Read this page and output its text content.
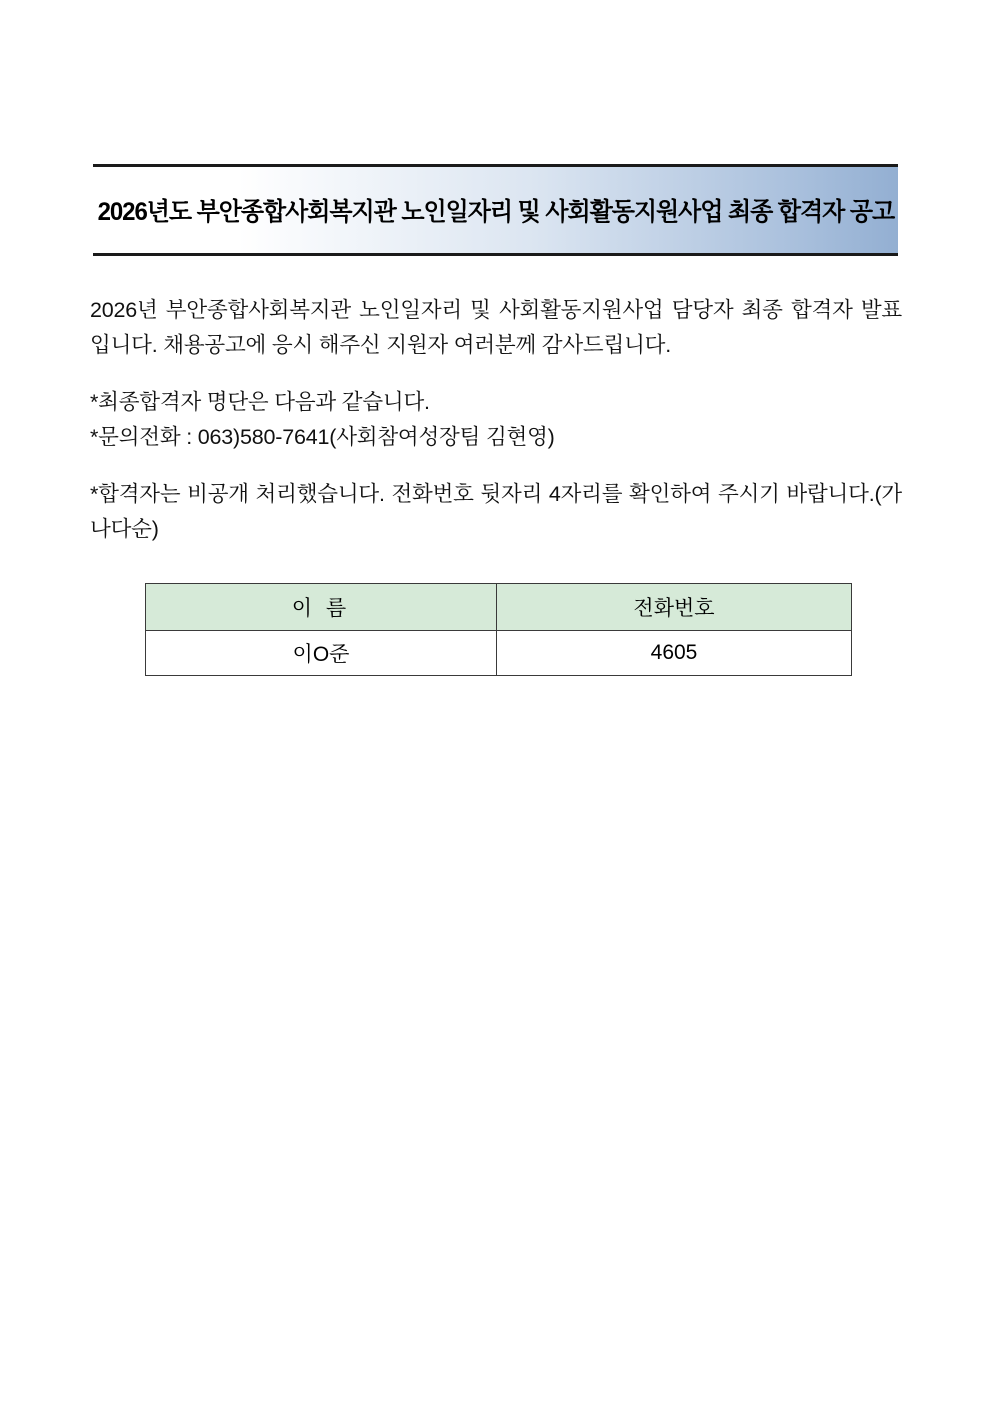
2026년도 부안종합사회복지관 노인일자리 및 사회활동지원사업 최종 합격자 공고

2026년 부안종합사회복지관 노인일자리 및 사회활동지원사업 담당자 최종 합격자 발표입니다. 채용공고에 응시 해주신 지원자 여러분께 감사드립니다.

*최종합격자 명단은 다음과 같습니다.

*문의전화 : 063)580-7641(사회참여성장팀 김현영)

*합격자는 비공개 처리했습니다. 전화번호 뒷자리 4자리를 확인하여 주시기 바랍니다.(가나다순)

이 름	전화번호
이O준	4605
